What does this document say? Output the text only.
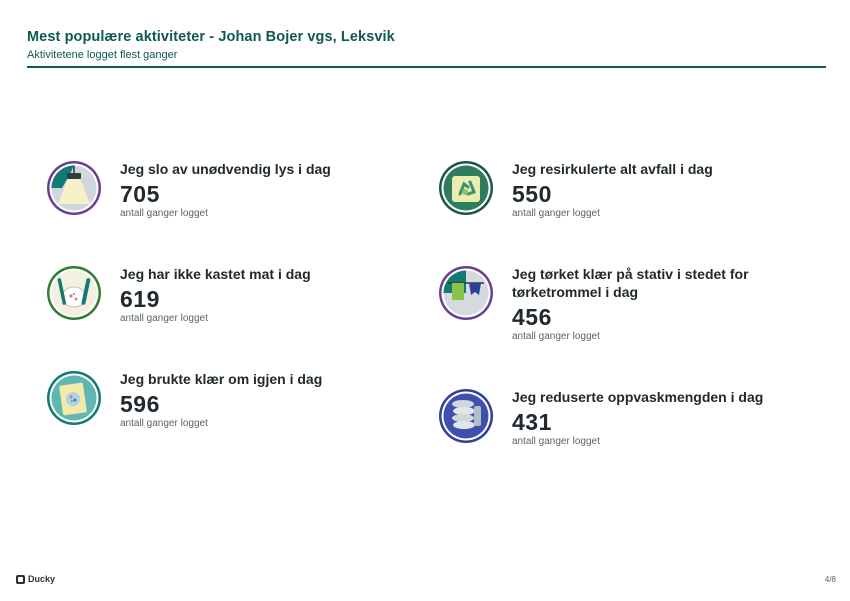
Mest populære aktiviteter - Johan Bojer vgs, Leksvik
Aktivitetene logget flest ganger
Jeg slo av unødvendig lys i dag
705
antall ganger logget
Jeg har ikke kastet mat i dag
619
antall ganger logget
Jeg brukte klær om igjen i dag
596
antall ganger logget
Jeg resirkulerte alt avfall i dag
550
antall ganger logget
Jeg tørket klær på stativ i stedet for tørketrommel i dag
456
antall ganger logget
Jeg reduserte oppvaskmengden i dag
431
antall ganger logget
Ducky	4/8
